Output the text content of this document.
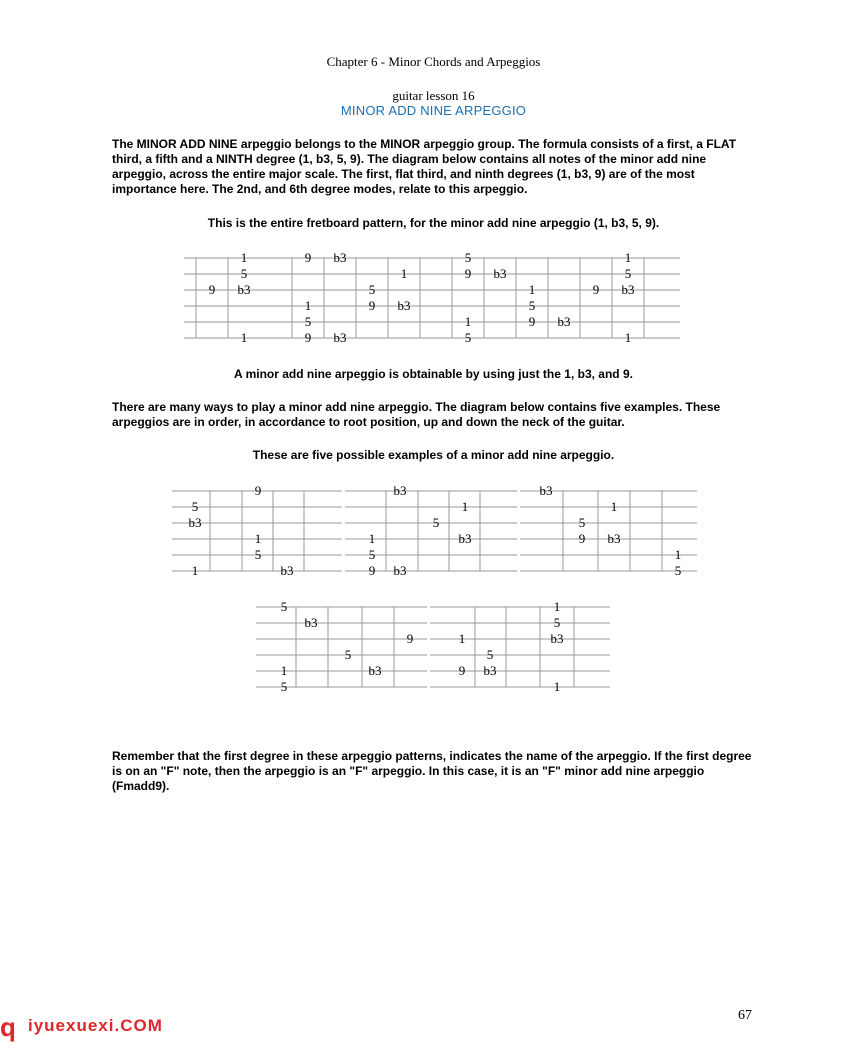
Chapter 6 - Minor Chords and Arpeggios
guitar lesson 16
MINOR ADD NINE ARPEGGIO
The MINOR ADD NINE arpeggio belongs to the MINOR arpeggio group. The formula consists of a first, a FLAT third, a fifth and a NINTH degree (1, b3, 5, 9). The diagram below contains all notes of the minor add nine arpeggio, across the entire major scale. The first, flat third, and ninth degrees (1, b3, 9) are of the most importance here. The 2nd, and 6th degree modes, relate to this arpeggio.
This is the entire fretboard pattern, for the minor add nine arpeggio (1, b3, 5, 9).
1
5
9 b3
1
9 b3
1
5
9 b3
1
5
9 b3
5
9 b3
1
5
1
5
9 b3
1
5
9 b3
1
9
5
b3
1
5
1	b3
b3
1
5
1	b3
5
9 b3
b3
1
5
9 b3
1
5
5
b3
9
5
1	b3
5
1
5
1	b3
5
9 b3
1
A minor add nine arpeggio is obtainable by using just the 1, b3, and 9.
There are many ways to play a minor add nine arpeggio. The diagram below contains five examples. These arpeggios are in order, in accordance to root position, up and down the neck of the guitar.
These are five possible examples of a minor add nine arpeggio.
Remember that the first degree in these arpeggio patterns, indicates the name of the arpeggio. If the first degree is on an "F" note, then the arpeggio is an "F" arpeggio. In this case, it is an "F" minor add nine arpeggio (Fmadd9).
67
q iyuexuexi.COM
